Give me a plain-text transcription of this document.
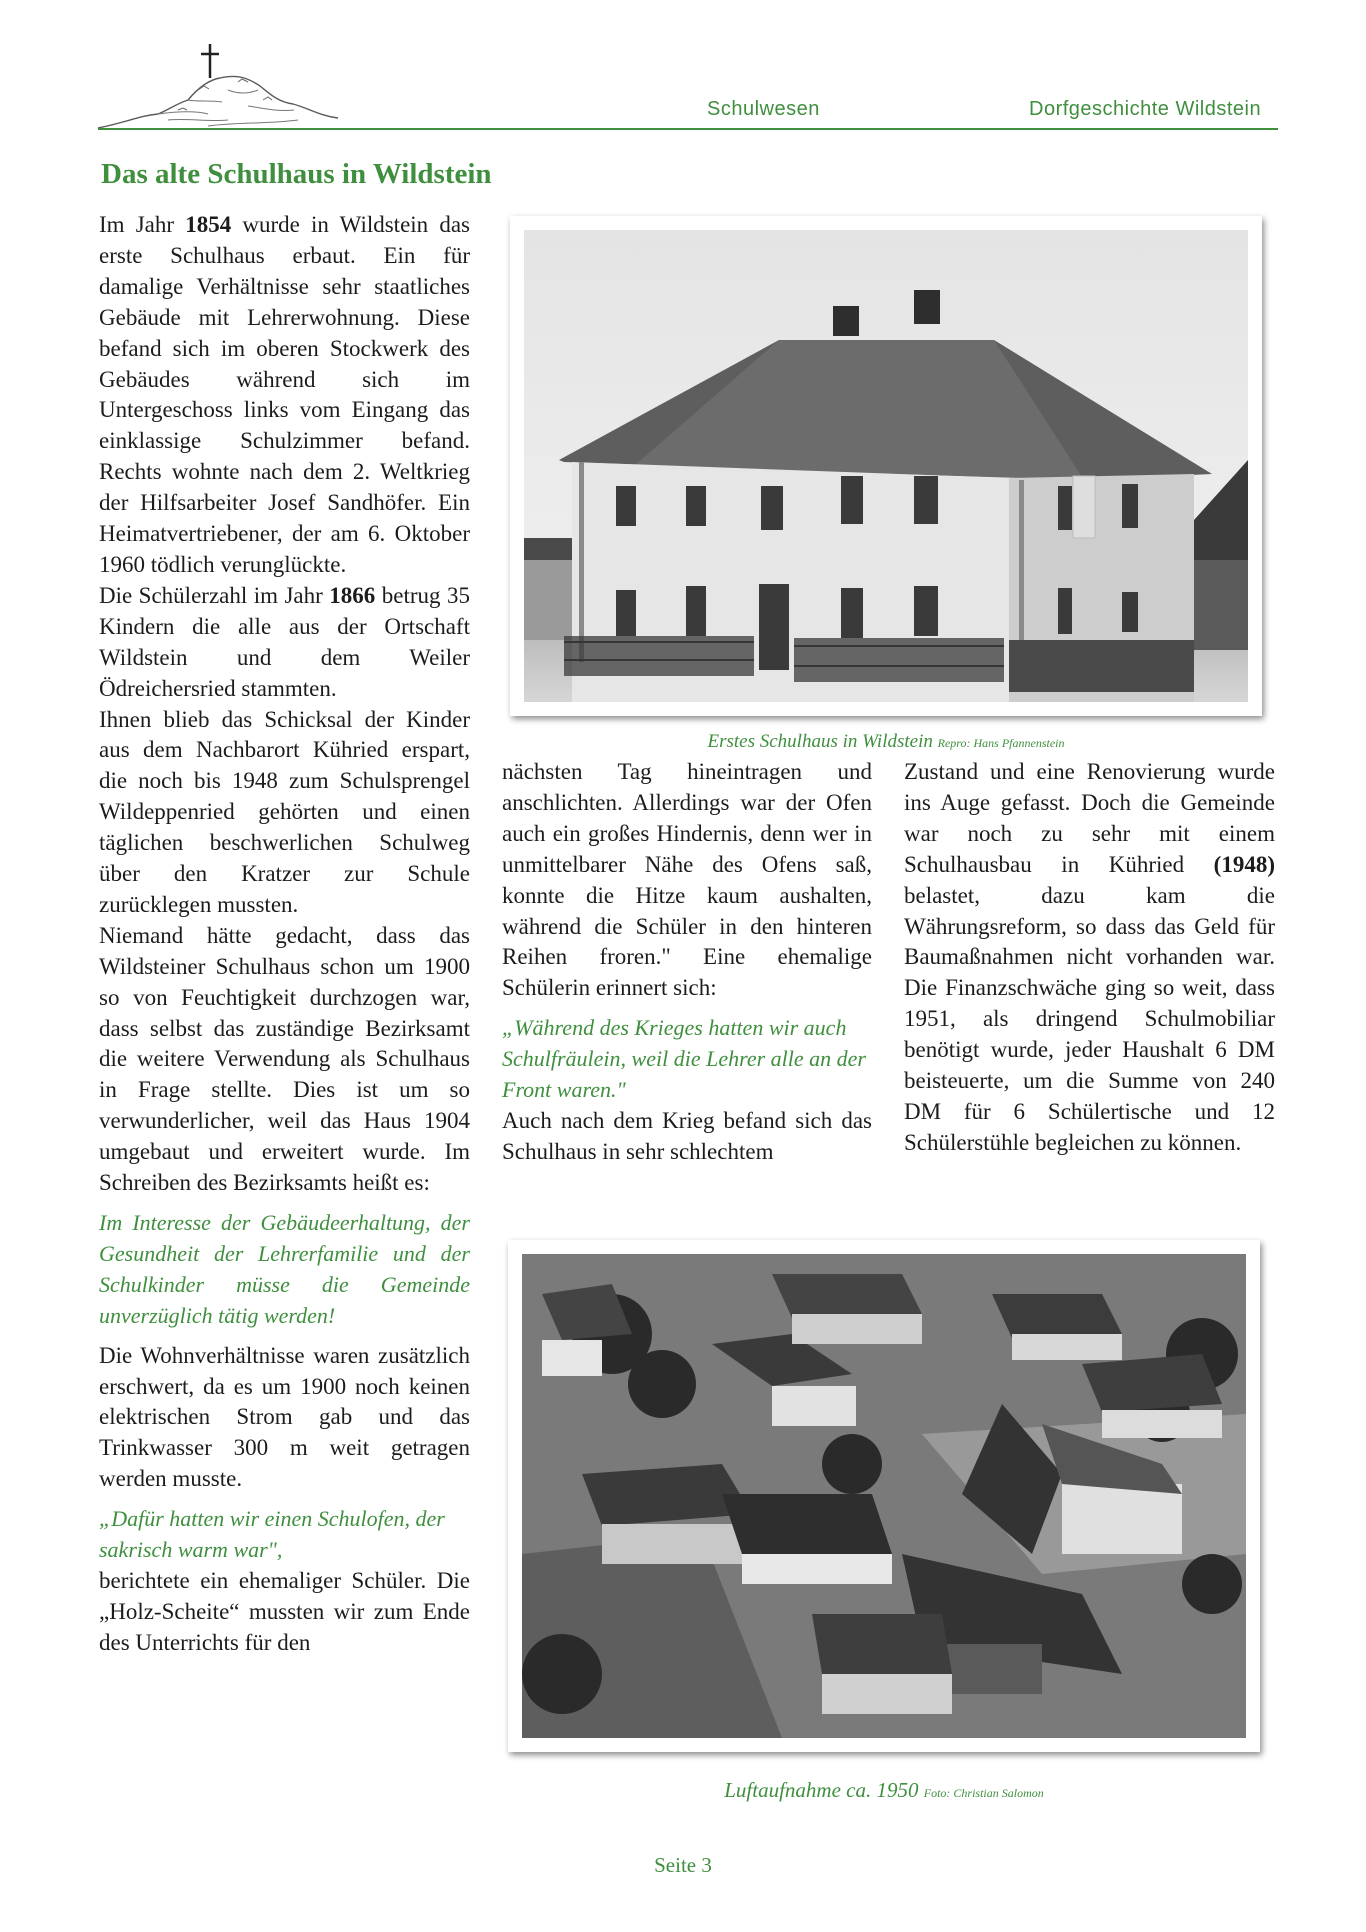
Schulwesen	Dorfgeschichte Wildstein
Das alte Schulhaus in Wildstein

Im Jahr 1854 wurde in Wildstein das erste Schulhaus erbaut. Ein für damalige Verhältnisse sehr staatliches Gebäude mit Lehrerwohnung. Diese befand sich im oberen Stockwerk des Gebäudes während sich im Untergeschoss links vom Eingang das einklassige Schulzimmer befand. Rechts wohnte nach dem 2. Weltkrieg der Hilfsarbeiter Josef Sandhöfer. Ein Heimatvertriebener, der am 6. Oktober 1960 tödlich verunglückte.

Die Schülerzahl im Jahr 1866 betrug 35 Kindern die alle aus der Ortschaft Wildstein und dem Weiler Ödreichersried stammten.

Ihnen blieb das Schicksal der Kinder aus dem Nachbarort Kühried erspart, die noch bis 1948 zum Schulsprengel Wildeppenried gehörten und einen täglichen beschwerlichen Schulweg über den Kratzer zur Schule zurücklegen mussten.

Niemand hätte gedacht, dass das Wildsteiner Schulhaus schon um 1900 so von Feuchtigkeit durchzogen war, dass selbst das zuständige Bezirksamt die weitere Verwendung als Schulhaus in Frage stellte. Dies ist um so verwunderlicher, weil das Haus 1904 umgebaut und erweitert wurde. Im Schreiben des Bezirksamts heißt es:

Im Interesse der Gebäudeerhaltung, der Gesundheit der Lehrerfamilie und der Schulkinder müsse die Gemeinde unverzüglich tätig werden!

Die Wohnverhältnisse waren zusätzlich erschwert, da es um 1900 noch keinen elektrischen Strom gab und das Trinkwasser 300 m weit getragen werden musste.

„Dafür hatten wir einen Schulofen, der sakrisch warm war",

berichtete ein ehemaliger Schüler. Die „Holz-Scheite“ mussten wir zum Ende des Unterrichts für den

Erstes Schulhaus in Wildstein Repro: Hans Pfannenstein

nächsten Tag hineintragen und anschlichten. Allerdings war der Ofen auch ein großes Hindernis, denn wer in unmittelbarer Nähe des Ofens saß, konnte die Hitze kaum aushalten, während die Schüler in den hinteren Reihen froren." Eine ehemalige Schülerin erinnert sich:

„Während des Krieges hatten wir auch Schulfräulein, weil die Lehrer alle an der Front waren."

Auch nach dem Krieg befand sich das Schulhaus in sehr schlechtem

Zustand und eine Renovierung wurde ins Auge gefasst. Doch die Gemeinde war noch zu sehr mit einem Schulhausbau in Kühried (1948) belastet, dazu kam die Währungsreform, so dass das Geld für Baumaßnahmen nicht vorhanden war. Die Finanzschwäche ging so weit, dass 1951, als dringend Schulmobiliar benötigt wurde, jeder Haushalt 6 DM beisteuerte, um die Summe von 240 DM für 6 Schülertische und 12 Schülerstühle begleichen zu können.

Luftaufnahme ca. 1950 Foto: Christian Salomon
Seite 3
